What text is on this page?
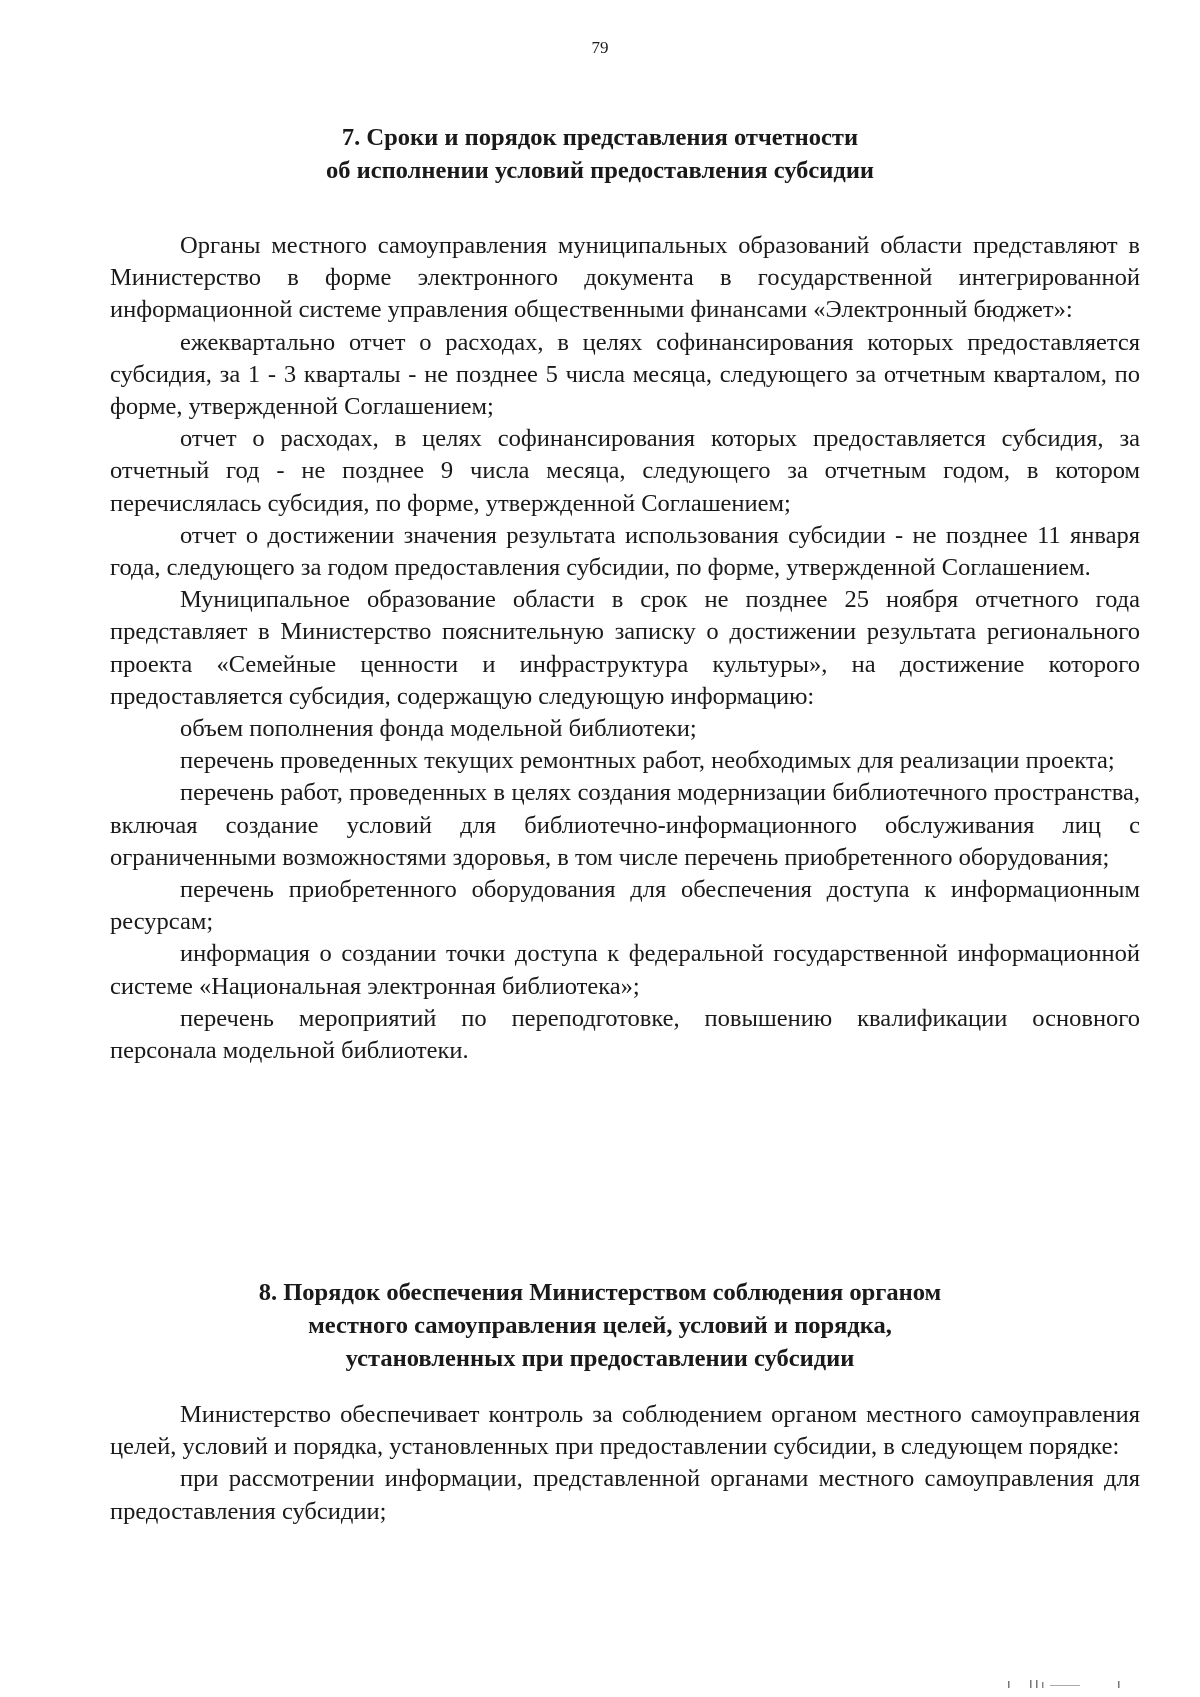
79
7. Сроки и порядок представления отчетности
об исполнении условий предоставления субсидии

Органы местного самоуправления муниципальных образований области представляют в Министерство в форме электронного документа в государственной интегрированной информационной системе управления общественными финансами «Электронный бюджет»:

ежеквартально отчет о расходах, в целях софинансирования которых предоставляется субсидия, за 1 - 3 кварталы - не позднее 5 числа месяца, следующего за отчетным кварталом, по форме, утвержденной Соглашением;

отчет о расходах, в целях софинансирования которых предоставляется субсидия, за отчетный год - не позднее 9 числа месяца, следующего за отчетным годом, в котором перечислялась субсидия, по форме, утвержденной Соглашением;

отчет о достижении значения результата использования субсидии - не позднее 11 января года, следующего за годом предоставления субсидии, по форме, утвержденной Соглашением.

Муниципальное образование области в срок не позднее 25 ноября отчетного года представляет в Министерство пояснительную записку о достижении результата регионального проекта «Семейные ценности и инфраструктура культуры», на достижение которого предоставляется субсидия, содержащую следующую информацию:

объем пополнения фонда модельной библиотеки;

перечень проведенных текущих ремонтных работ, необходимых для реализации проекта;

перечень работ, проведенных в целях создания модернизации библиотечного пространства, включая создание условий для библиотечно-информационного обслуживания лиц с ограниченными возможностями здоровья, в том числе перечень приобретенного оборудования;

перечень приобретенного оборудования для обеспечения доступа к информационным ресурсам;

информация о создании точки доступа к федеральной государственной информационной системе «Национальная электронная библиотека»;

перечень мероприятий по переподготовке, повышению квалификации основного персонала модельной библиотеки.

8. Порядок обеспечения Министерством соблюдения органом
местного самоуправления целей, условий и порядка,
установленных при предоставлении субсидии

Министерство обеспечивает контроль за соблюдением органом местного самоуправления целей, условий и порядка, установленных при предоставлении субсидии, в следующем порядке:

при рассмотрении информации, представленной органами местного самоуправления для предоставления субсидии;
